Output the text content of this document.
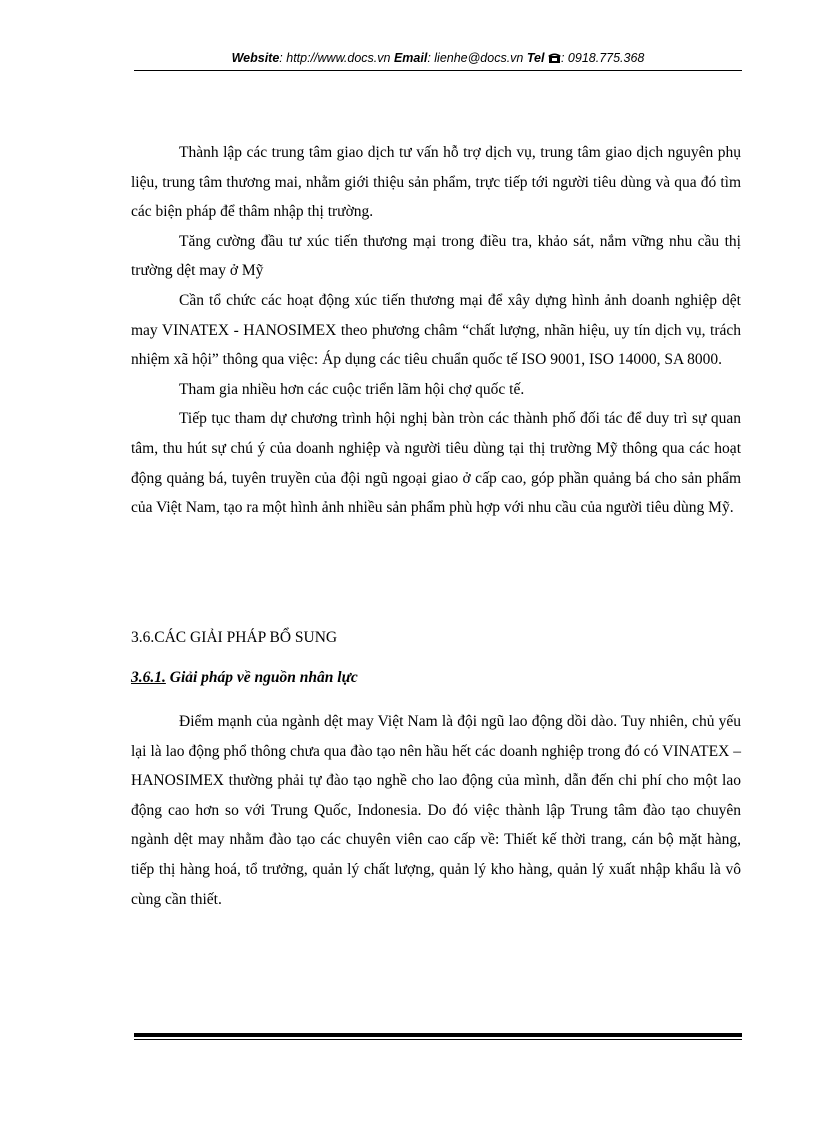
Website: http://www.docs.vn Email: lienhe@docs.vn Tel : 0918.775.368

Thành lập các trung tâm giao dịch tư vấn hỗ trợ dịch vụ, trung tâm giao dịch nguyên phụ liệu, trung tâm thương mai, nhằm giới thiệu sản phẩm, trực tiếp tới người tiêu dùng và qua đó tìm các biện pháp để thâm nhập thị trường.

Tăng cường đầu tư xúc tiến thương mại trong điều tra, khảo sát, nắm vững nhu cầu thị trường dệt may ở Mỹ

Cần tổ chức các hoạt động xúc tiến thương mại để xây dựng hình ảnh doanh nghiệp dệt may VINATEX - HANOSIMEX theo phương châm “chất lượng, nhãn hiệu, uy tín dịch vụ, trách nhiệm xã hội” thông qua việc: Áp dụng các tiêu chuẩn quốc tế ISO 9001, ISO 14000, SA 8000.

Tham gia nhiều hơn các cuộc triển lãm hội chợ quốc tế.

Tiếp tục tham dự chương trình hội nghị bàn tròn các thành phố đối tác để duy trì sự quan tâm, thu hút sự chú ý của doanh nghiệp và người tiêu dùng tại thị trường Mỹ thông qua các hoạt động quảng bá, tuyên truyền của đội ngũ ngoại giao ở cấp cao, góp phần quảng bá cho sản phẩm của Việt Nam, tạo ra một hình ảnh nhiều sản phẩm phù hợp với nhu cầu của người tiêu dùng Mỹ.

3.6.CÁC GIẢI PHÁP BỔ SUNG
3.6.1. Giải pháp về nguồn nhân lực

Điểm mạnh của ngành dệt may Việt Nam là đội ngũ lao động dồi dào. Tuy nhiên, chủ yếu lại là lao động phổ thông chưa qua đào tạo nên hầu hết các doanh nghiệp trong đó có VINATEX – HANOSIMEX thường phải tự đào tạo nghề cho lao động của mình, dẫn đến chi phí cho một lao động cao hơn so với Trung Quốc, Indonesia. Do đó việc thành lập Trung tâm đào tạo chuyên ngành dệt may nhằm đào tạo các chuyên viên cao cấp về: Thiết kế thời trang, cán bộ mặt hàng, tiếp thị hàng hoá, tổ trưởng, quản lý chất lượng, quản lý kho hàng, quản lý xuất nhập khẩu là vô cùng cần thiết.
